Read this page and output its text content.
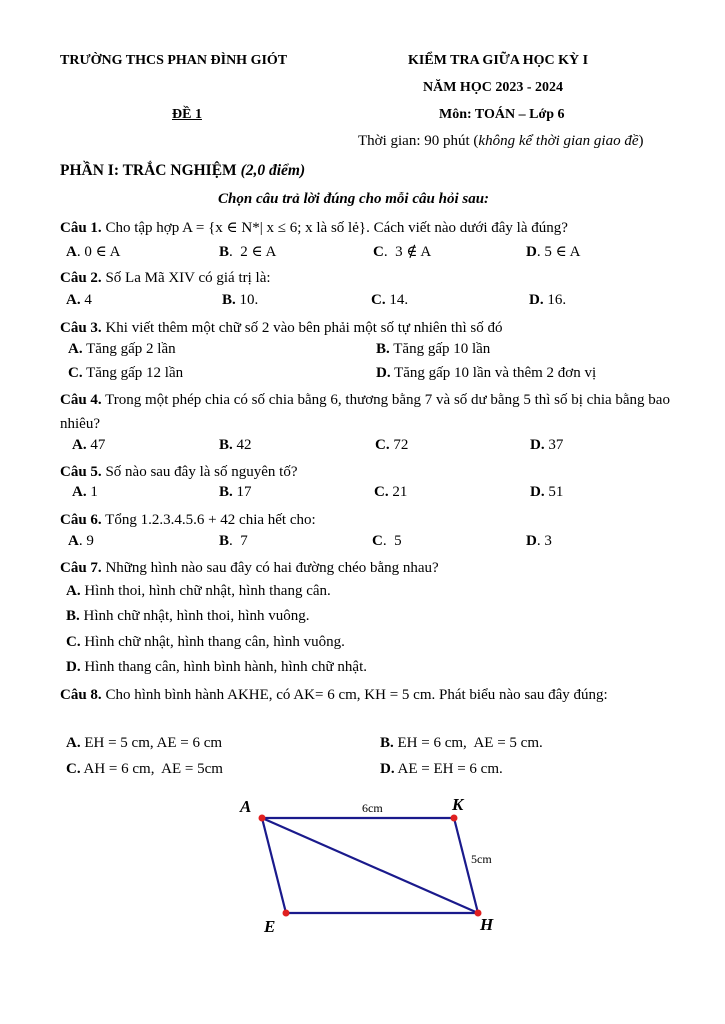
TRƯỜNG THCS PHAN ĐÌNH GIÓT	KIỂM TRA GIỮA HỌC KỲ I
NĂM HỌC 2023 - 2024
ĐỀ 1	Môn: TOÁN – Lớp 6
Thời gian: 90 phút (không kể thời gian giao đề)
PHẦN I: TRẮC NGHIỆM (2,0 điểm)
Chọn câu trả lời đúng cho mỗi câu hỏi sau:
Câu 1. Cho tập hợp A = {x ∈ N*| x ≤ 6; x là số lẻ}. Cách viết nào dưới đây là đúng?
A. 0 ∈ A	B.  2 ∈ A	C.  3 ∉ A	D. 5 ∈ A
Câu 2. Số La Mã XIV có giá trị là:
A. 4	B. 10.	C. 14.	D. 16.
Câu 3. Khi viết thêm một chữ số 2 vào bên phải một số tự nhiên thì số đó
A. Tăng gấp 2 lần	B. Tăng gấp 10 lần
C. Tăng gấp 12 lần	D. Tăng gấp 10 lần và thêm 2 đơn vị
Câu 4. Trong một phép chia có số chia bằng 6, thương bằng 7 và số dư bằng 5 thì số bị chia bằng bao nhiêu?
A. 47	B. 42	C. 72	D. 37
Câu 5. Số nào sau đây là số nguyên tố?
A. 1	B. 17	C. 21	D. 51
Câu 6. Tổng 1.2.3.4.5.6 + 42 chia hết cho:
A. 9	B.  7	C.  5	D. 3
Câu 7. Những hình nào sau đây có hai đường chéo bằng nhau?
A. Hình thoi, hình chữ nhật, hình thang cân.
B. Hình chữ nhật, hình thoi, hình vuông.
C. Hình chữ nhật, hình thang cân, hình vuông.
D. Hình thang cân, hình bình hành, hình chữ nhật.
Câu 8. Cho hình bình hành AKHE, có AK= 6 cm, KH = 5 cm. Phát biểu nào sau đây đúng:
A. EH = 5 cm, AE = 6 cm	B. EH = 6 cm,  AE = 5 cm.
C. AH = 6 cm,  AE = 5cm	D. AE = EH = 6 cm.
A	K
H
E
6cm
5cm
